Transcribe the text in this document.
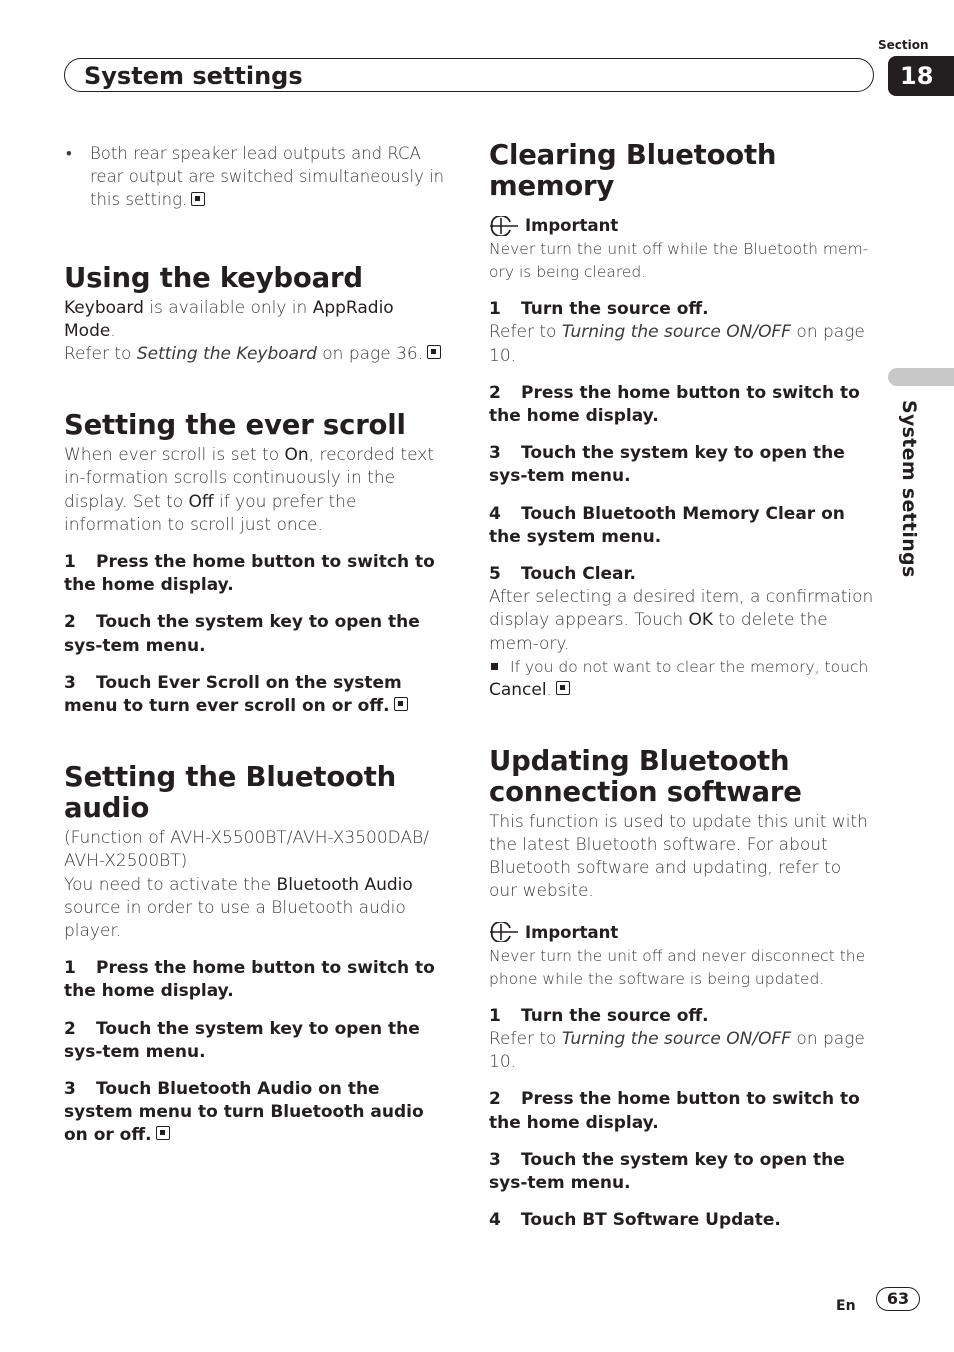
Section
18
System settings
System settings
• Both rear speaker lead outputs and RCA rear output are switched simultaneously in this setting.
Using the keyboard

Keyboard is available only in AppRadio Mode.

Refer to Setting the Keyboard on page 36.

Setting the ever scroll

When ever scroll is set to On, recorded text in-formation scrolls continuously in the display. Set to Off if you prefer the information to scroll just once.

1 Press the home button to switch to the home display.

2 Touch the system key to open the sys-tem menu.

3 Touch Ever Scroll on the system menu to turn ever scroll on or off.

Setting the Bluetooth audio

(Function of AVH-X5500BT/AVH-X3500DAB/ AVH-X2500BT)

You need to activate the Bluetooth Audio source in order to use a Bluetooth audio player.

1 Press the home button to switch to the home display.

2 Touch the system key to open the sys-tem menu.

3 Touch Bluetooth Audio on the system menu to turn Bluetooth audio on or off.

Clearing Bluetooth memory
Important

Never turn the unit off while the Bluetooth mem-ory is being cleared.

1 Turn the source off.

Refer to Turning the source ON/OFF on page 10.

2 Press the home button to switch to the home display.

3 Touch the system key to open the sys-tem menu.

4 Touch Bluetooth Memory Clear on the system menu.

5 Touch Clear.

After selecting a desired item, a confirmation display appears. Touch OK to delete the mem-ory.

If you do not want to clear the memory, touch Cancel.

Updating Bluetooth connection software

This function is used to update this unit with the latest Bluetooth software. For about Bluetooth software and updating, refer to our website.

Important

Never turn the unit off and never disconnect the phone while the software is being updated.

1 Turn the source off.

Refer to Turning the source ON/OFF on page 10.

2 Press the home button to switch to the home display.

3 Touch the system key to open the sys-tem menu.

4 Touch BT Software Update.

En	63
